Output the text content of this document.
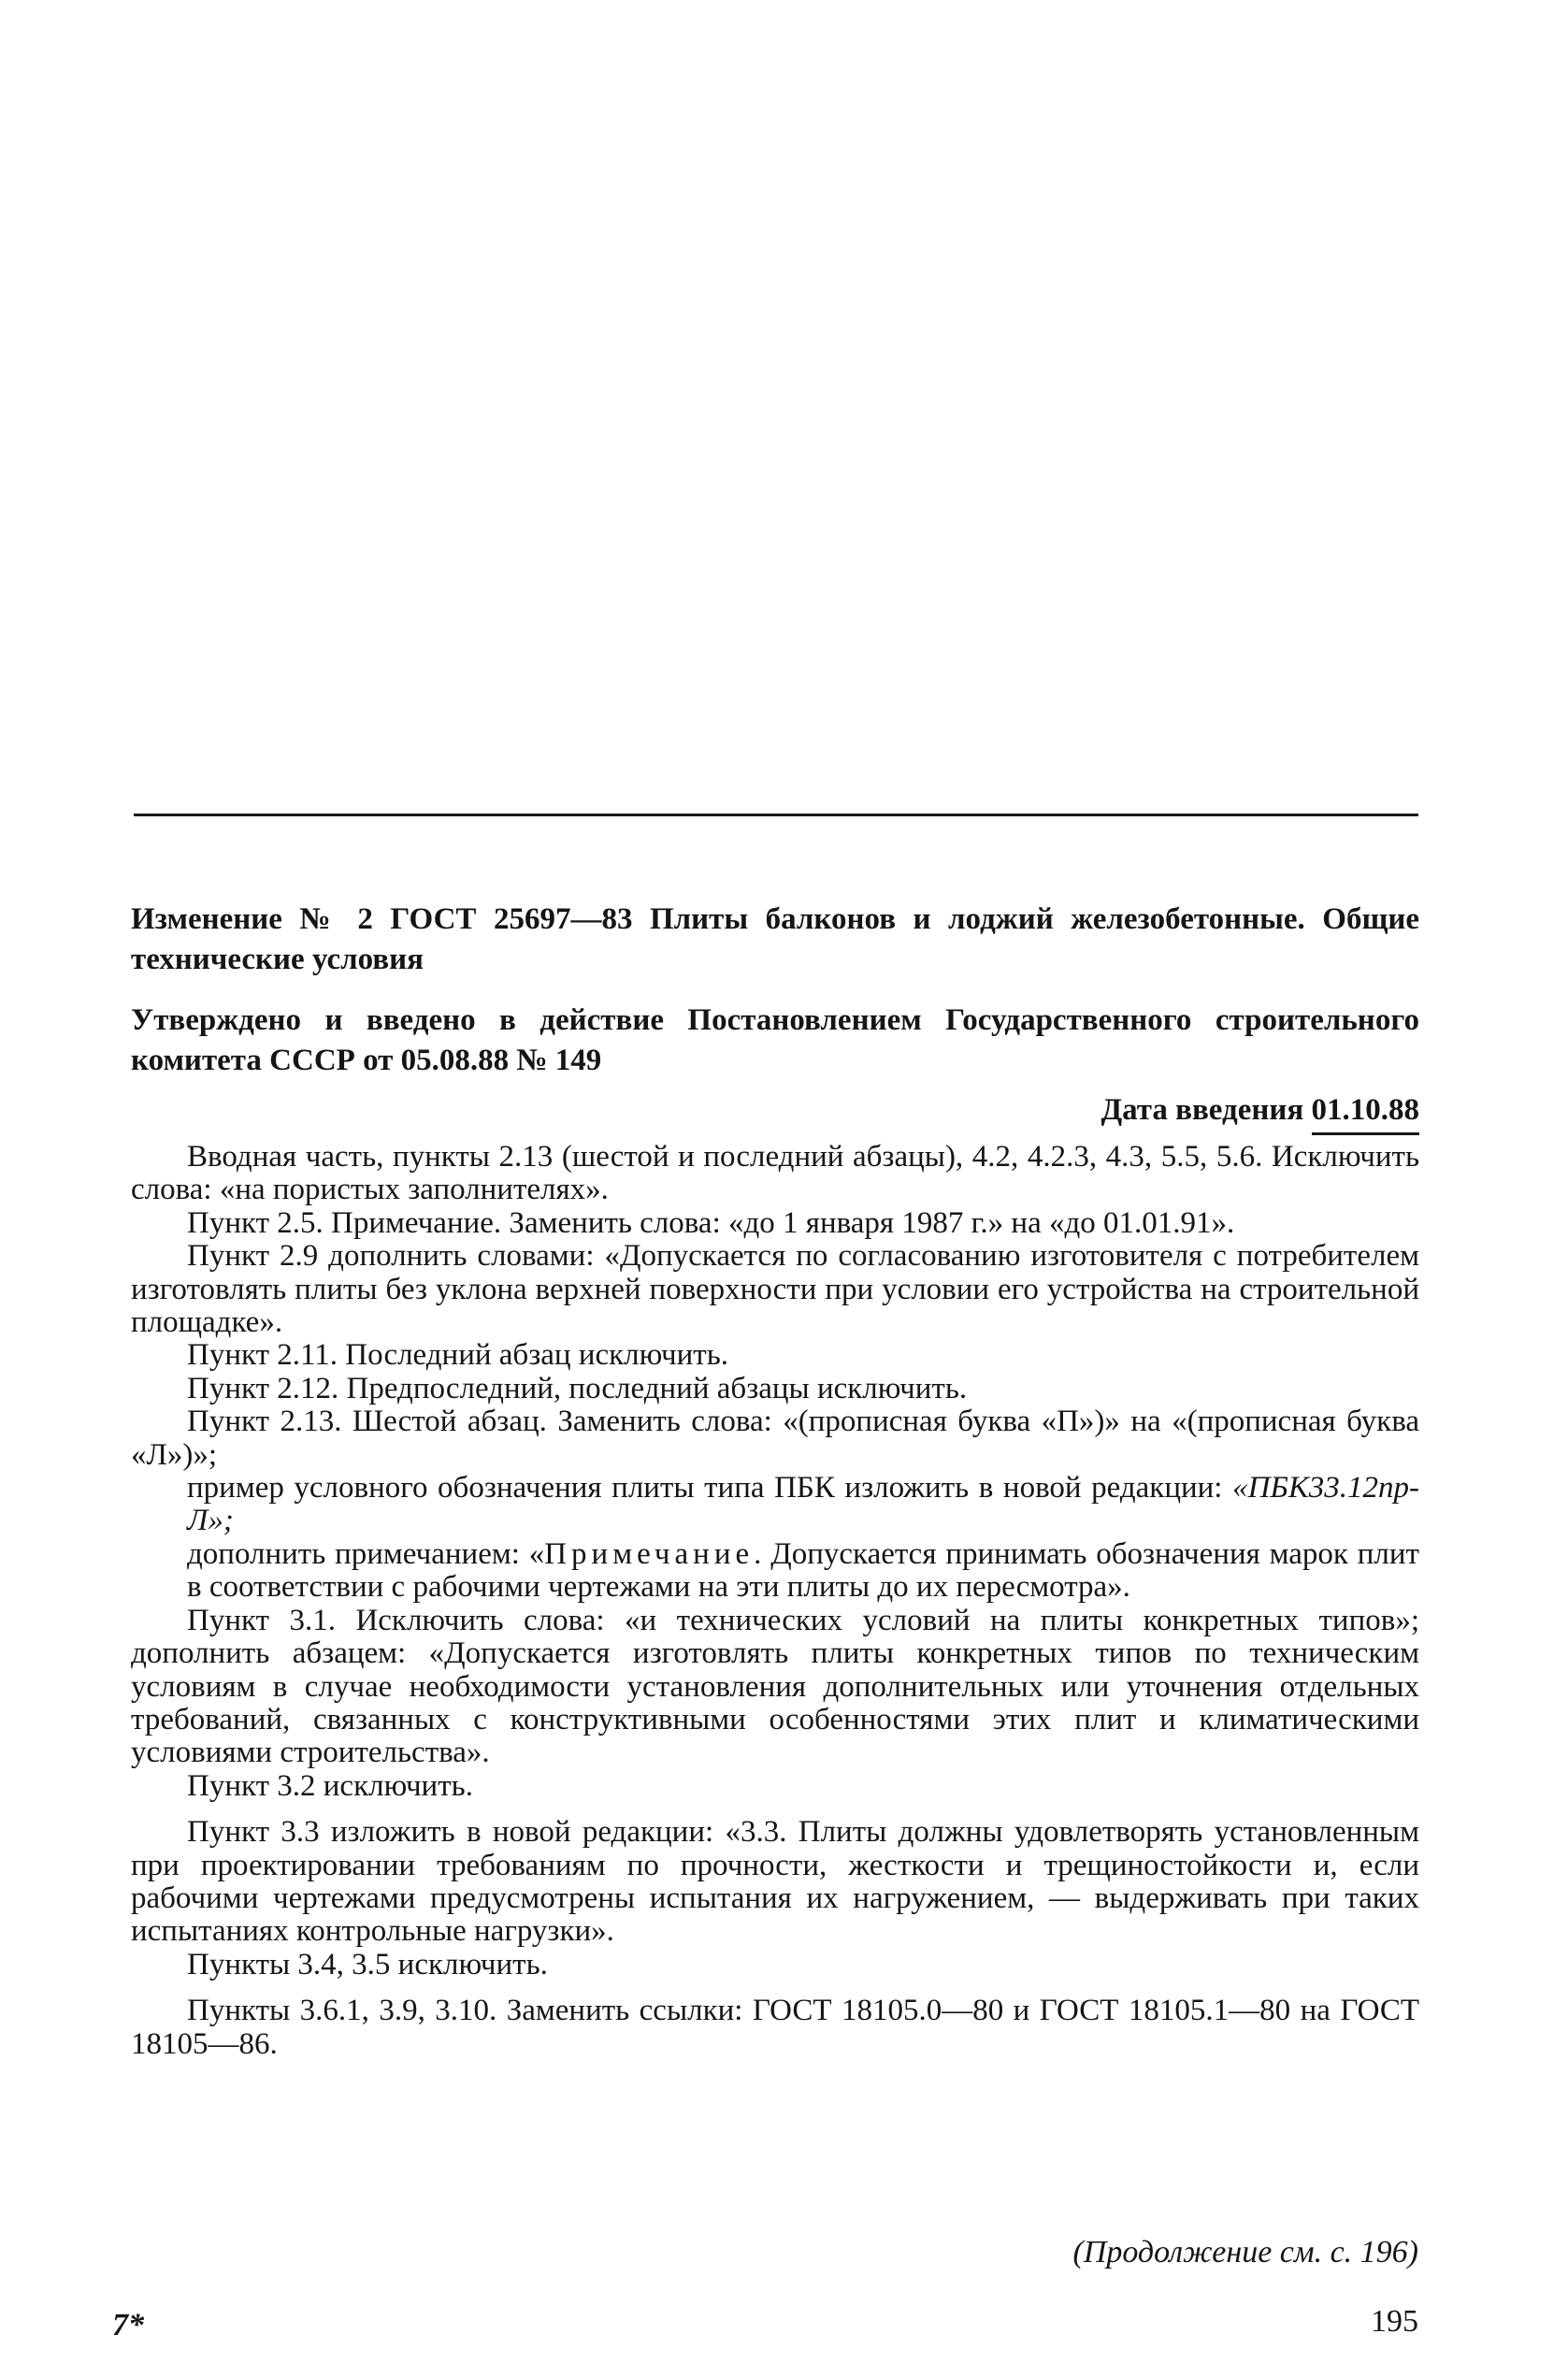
Изменение № 2 ГОСТ 25697—83 Плиты балконов и лоджий железобетонные. Общие технические условия

Утверждено и введено в действие Постановлением Государственного строительного комитета СССР от 05.08.88 № 149

Дата введения 01.10.88

Вводная часть, пункты 2.13 (шестой и последний абзацы), 4.2, 4.2.3, 4.3, 5.5, 5.6. Исключить слова: «на пористых заполнителях».

Пункт 2.5. Примечание. Заменить слова: «до 1 января 1987 г.» на «до 01.01.91».

Пункт 2.9 дополнить словами: «Допускается по согласованию изготовителя с потребителем изготовлять плиты без уклона верхней поверхности при условии его устройства на строительной площадке».

Пункт 2.11. Последний абзац исключить.

Пункт 2.12. Предпоследний, последний абзацы исключить.

Пункт 2.13. Шестой абзац. Заменить слова: «(прописная буква «П»)» на «(прописная буква «Л»)»;

пример условного обозначения плиты типа ПБК изложить в новой редакции: «ПБК33.12пр-Л»;

дополнить примечанием: «Примечание. Допускается принимать обозначения марок плит в соответствии с рабочими чертежами на эти плиты до их пересмотра».

Пункт 3.1. Исключить слова: «и технических условий на плиты конкретных типов»; дополнить абзацем: «Допускается изготовлять плиты конкретных типов по техническим условиям в случае необходимости установления дополнительных или уточнения отдельных требований, связанных с конструктивными особенностями этих плит и климатическими условиями строительства».

Пункт 3.2 исключить.

Пункт 3.3 изложить в новой редакции: «3.3. Плиты должны удовлетворять установленным при проектировании требованиям по прочности, жесткости и трещиностойкости и, если рабочими чертежами предусмотрены испытания их нагружением, — выдерживать при таких испытаниях контрольные нагрузки».

Пункты 3.4, 3.5 исключить.

Пункты 3.6.1, 3.9, 3.10. Заменить ссылки: ГОСТ 18105.0—80 и ГОСТ 18105.1—80 на ГОСТ 18105—86.

(Продолжение см. с. 196)
7*	195
